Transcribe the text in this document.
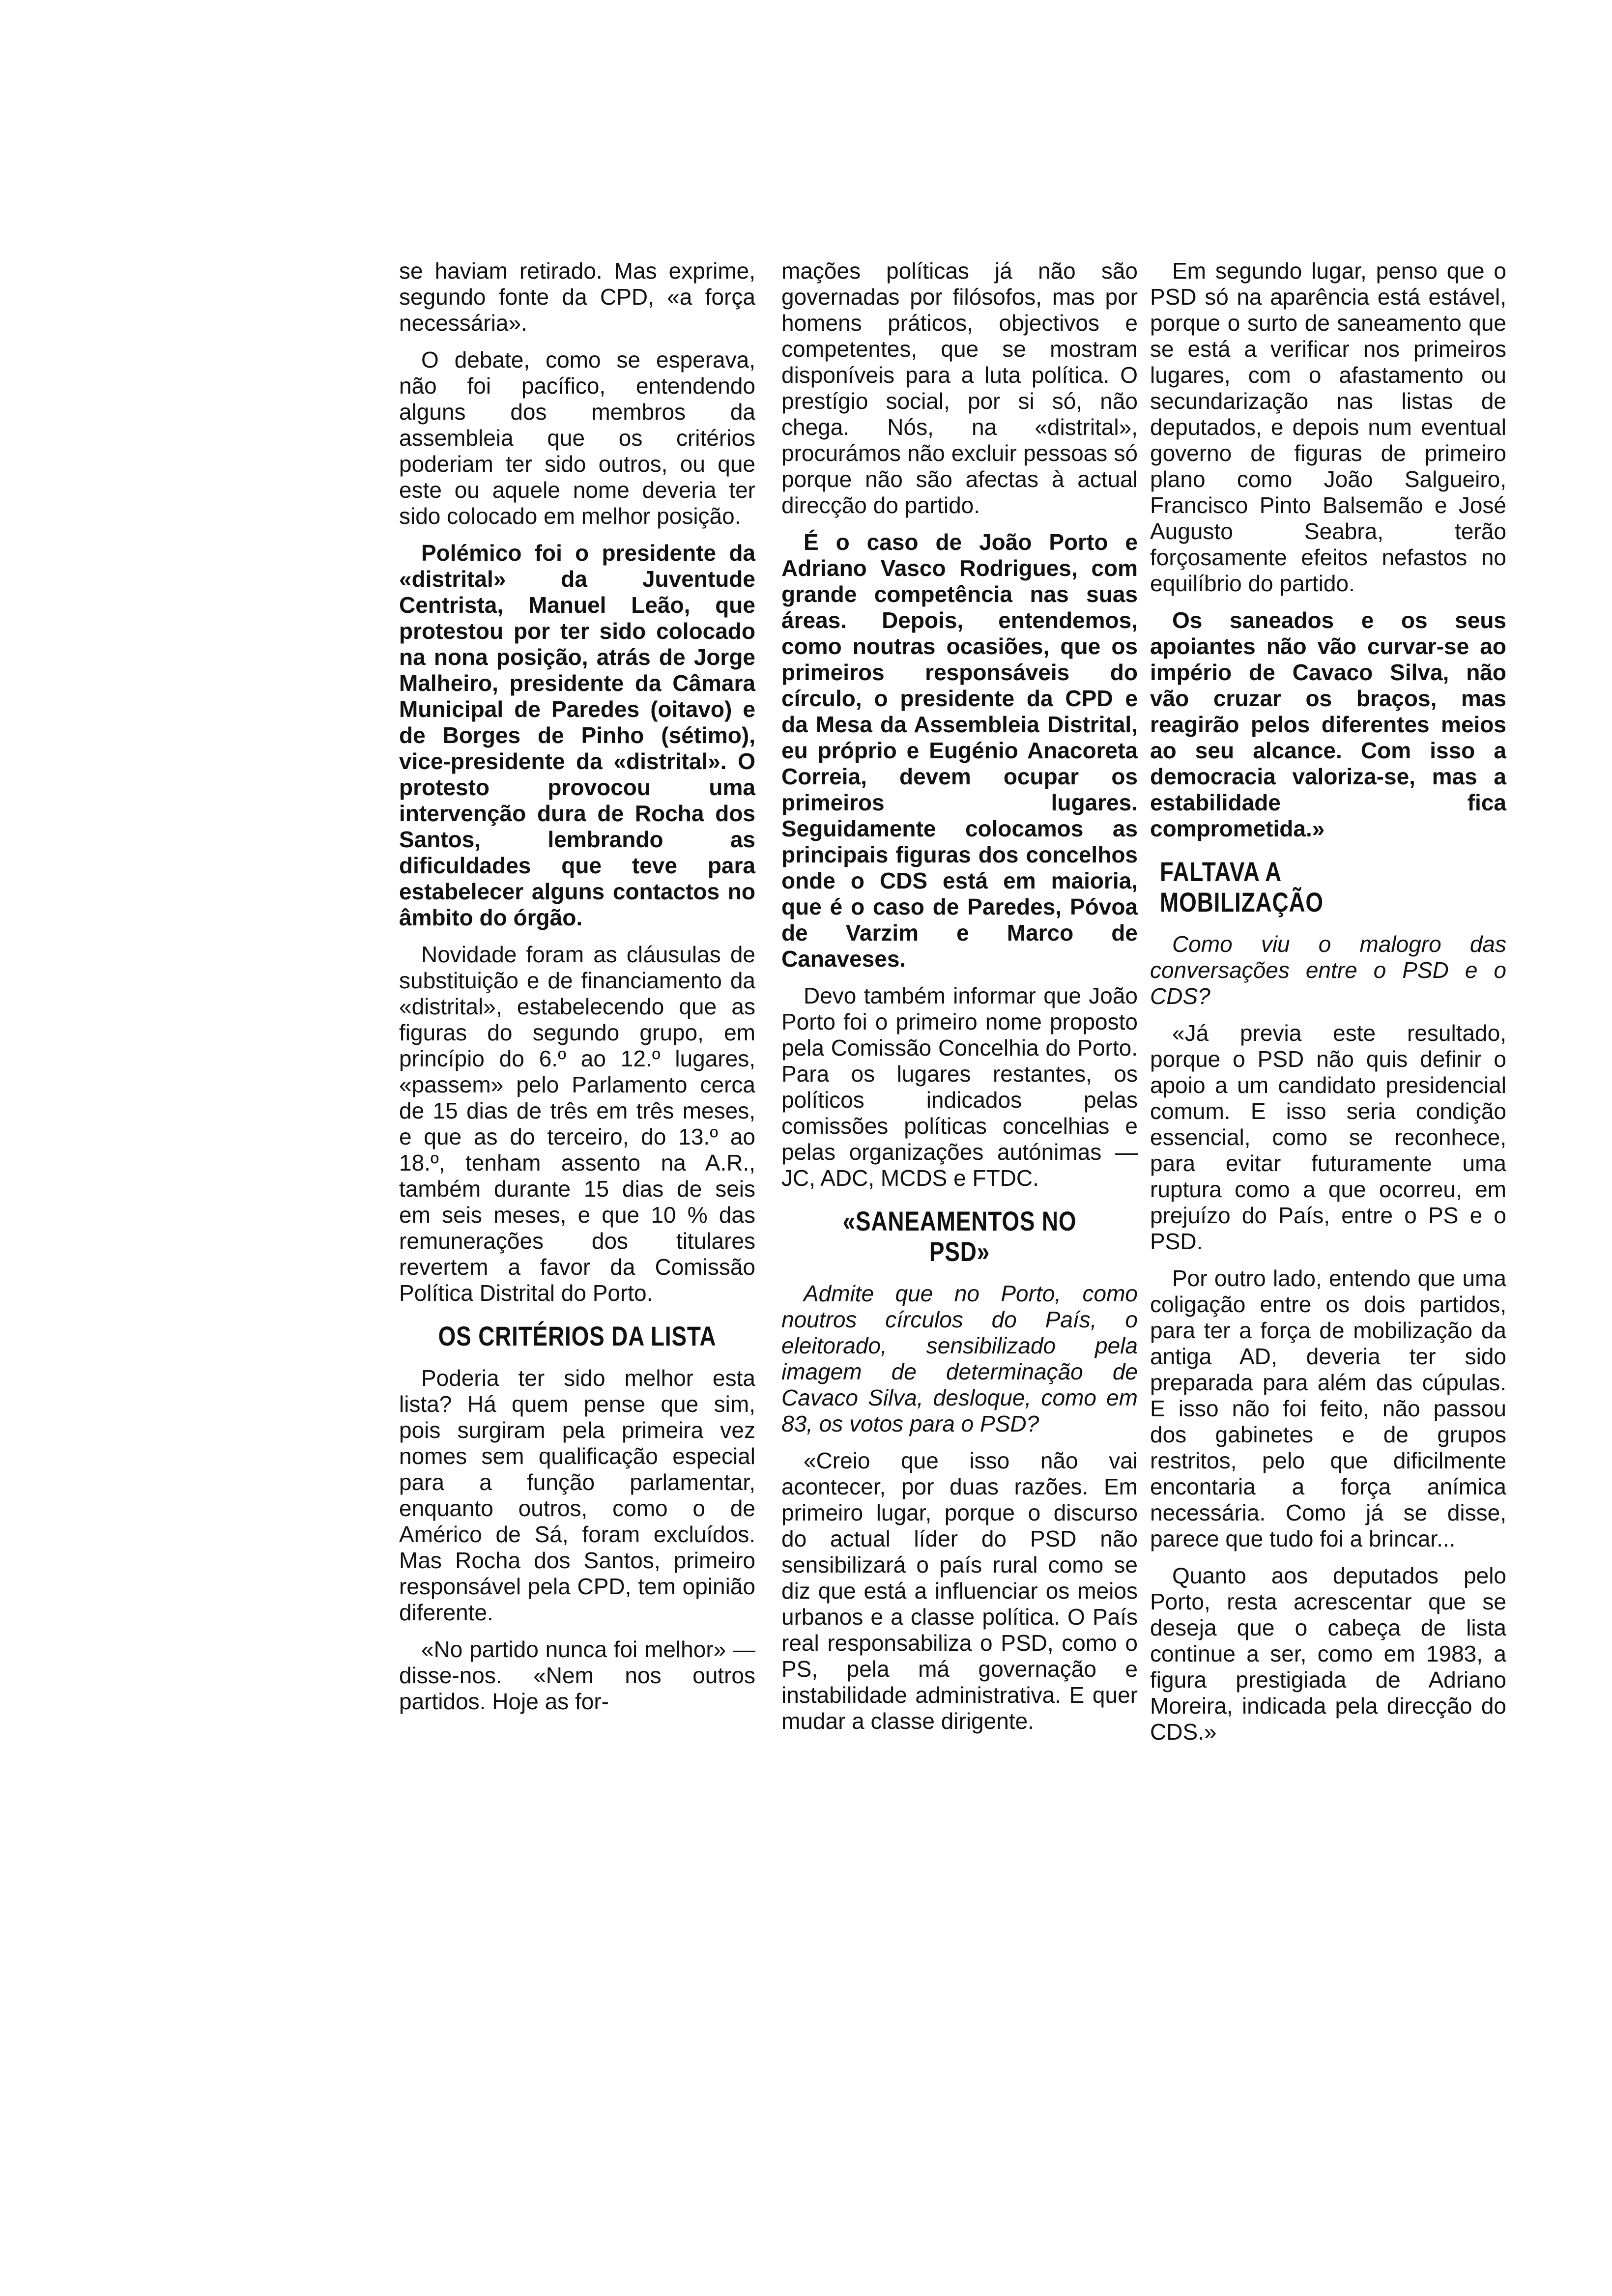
se haviam retirado. Mas exprime, segundo fonte da CPD, «a força necessária».

O debate, como se esperava, não foi pacífico, entendendo alguns dos membros da assembleia que os critérios poderiam ter sido outros, ou que este ou aquele nome deveria ter sido colocado em melhor posição.

Polémico foi o presidente da «distrital» da Juventude Centrista, Manuel Leão, que protestou por ter sido colocado na nona posição, atrás de Jorge Malheiro, presidente da Câmara Municipal de Paredes (oitavo) e de Borges de Pinho (sétimo), vice-presidente da «distrital». O protesto provocou uma intervenção dura de Rocha dos Santos, lembrando as dificuldades que teve para estabelecer alguns contactos no âmbito do órgão.

Novidade foram as cláusulas de substituição e de financiamento da «distrital», estabelecendo que as figuras do segundo grupo, em princípio do 6.º ao 12.º lugares, «passem» pelo Parlamento cerca de 15 dias de três em três meses, e que as do terceiro, do 13.º ao 18.º, tenham assento na A.R., também durante 15 dias de seis em seis meses, e que 10 % das remunerações dos titulares revertem a favor da Comissão Política Distrital do Porto.

OS CRITÉRIOS DA LISTA

Poderia ter sido melhor esta lista? Há quem pense que sim, pois surgiram pela primeira vez nomes sem qualificação especial para a função parlamentar, enquanto outros, como o de Américo de Sá, foram excluídos. Mas Rocha dos Santos, primeiro responsável pela CPD, tem opinião diferente.

«No partido nunca foi melhor» — disse-nos. «Nem nos outros partidos. Hoje as for-

mações políticas já não são governadas por filósofos, mas por homens práticos, objectivos e competentes, que se mostram disponíveis para a luta política. O prestígio social, por si só, não chega. Nós, na «distrital», procurámos não excluir pessoas só porque não são afectas à actual direcção do partido.

É o caso de João Porto e Adriano Vasco Rodrigues, com grande competência nas suas áreas. Depois, entendemos, como noutras ocasiões, que os primeiros responsáveis do círculo, o presidente da CPD e da Mesa da Assembleia Distrital, eu próprio e Eugénio Anacoreta Correia, devem ocupar os primeiros lugares. Seguidamente colocamos as principais figuras dos concelhos onde o CDS está em maioria, que é o caso de Paredes, Póvoa de Varzim e Marco de Canaveses.

Devo também informar que João Porto foi o primeiro nome proposto pela Comissão Concelhia do Porto. Para os lugares restantes, os políticos indicados pelas comissões políticas concelhias e pelas organizações autónimas — JC, ADC, MCDS e FTDC.

«SANEAMENTOS NO PSD»

Admite que no Porto, como noutros círculos do País, o eleitorado, sensibilizado pela imagem de determinação de Cavaco Silva, desloque, como em 83, os votos para o PSD?

«Creio que isso não vai acontecer, por duas razões. Em primeiro lugar, porque o discurso do actual líder do PSD não sensibilizará o país rural como se diz que está a influenciar os meios urbanos e a classe política. O País real responsabiliza o PSD, como o PS, pela má governação e instabilidade administrativa. E quer mudar a classe dirigente.

Em segundo lugar, penso que o PSD só na aparência está estável, porque o surto de saneamento que se está a verificar nos primeiros lugares, com o afastamento ou secundarização nas listas de deputados, e depois num eventual governo de figuras de primeiro plano como João Salgueiro, Francisco Pinto Balsemão e José Augusto Seabra, terão forçosamente efeitos nefastos no equilíbrio do partido.

Os saneados e os seus apoiantes não vão curvar-se ao império de Cavaco Silva, não vão cruzar os braços, mas reagirão pelos diferentes meios ao seu alcance. Com isso a democracia valoriza-se, mas a estabilidade fica comprometida.»

FALTAVA A MOBILIZAÇÃO

Como viu o malogro das conversações entre o PSD e o CDS?

«Já previa este resultado, porque o PSD não quis definir o apoio a um candidato presidencial comum. E isso seria condição essencial, como se reconhece, para evitar futuramente uma ruptura como a que ocorreu, em prejuízo do País, entre o PS e o PSD.

Por outro lado, entendo que uma coligação entre os dois partidos, para ter a força de mobilização da antiga AD, deveria ter sido preparada para além das cúpulas. E isso não foi feito, não passou dos gabinetes e de grupos restritos, pelo que dificilmente encontaria a força anímica necessária. Como já se disse, parece que tudo foi a brincar...

Quanto aos deputados pelo Porto, resta acrescentar que se deseja que o cabeça de lista continue a ser, como em 1983, a figura prestigiada de Adriano Moreira, indicada pela direcção do CDS.»
